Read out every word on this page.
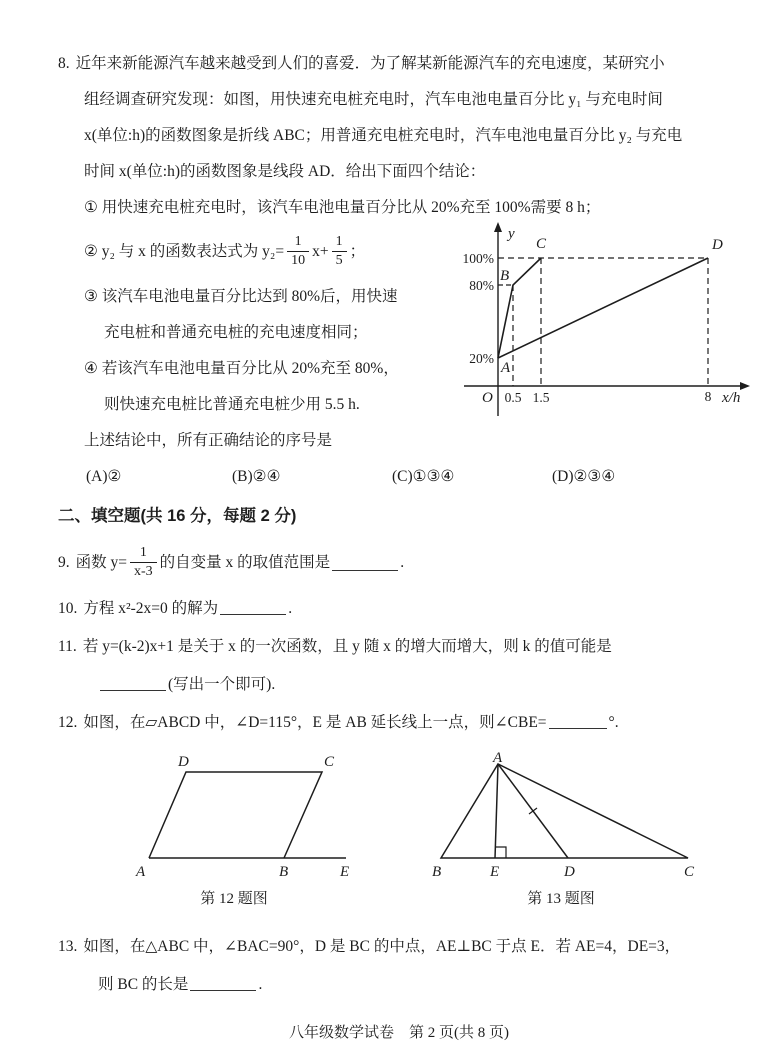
8. 近年来新能源汽车越来越受到人们的喜爱．为了解某新能源汽车的充电速度，某研究小
组经调查研究发现：如图，用快速充电桩充电时，汽车电池电量百分比 y₁ 与充电时间
x(单位:h)的函数图象是折线 ABC；用普通充电桩充电时，汽车电池电量百分比 y₂ 与充电
时间 x(单位:h)的函数图象是线段 AD．给出下面四个结论：
① 用快速充电桩充电时，该汽车电池电量百分比从 20%充至 100%需要 8 h；
② y₂ 与 x 的函数表达式为 $y_2= \frac{1}{10} x+ \frac{1}{5}$ ；
③ 该汽车电池电量百分比达到 80%后，用快速
充电桩和普通充电桩的充电速度相同；
④ 若该汽车电池电量百分比从 20%充至 80%，
则快速充电桩比普通充电桩少用 5.5 h.
100%
80%
20%
0.5 1.5	8
y
x/h
O
A
B
C	D
上述结论中，所有正确结论的序号是
(A)②	(B)②④	(C)①③④	(D)②③④
二、填空题(共 16 分，每题 2 分)
9. 函数 $y= \frac{1}{x-3}$ 的自变量 x 的取值范围是	.
10. 方程 x²-2x=0 的解为	.
11. 若 y=(k-2)x+1 是关于 x 的一次函数，且 y 随 x 的增大而增大，则 k 的值可能是
(写出一个即可).
12. 如图，在▱ABCD 中，∠D=115°，E 是 AB 延长线上一点，则∠CBE=	°.
D	C
A	B	E
第 12 题图
A
B	E	D	C
第 13 题图
13. 如图，在△ABC 中，∠BAC=90°，D 是 BC 的中点，AE⊥BC 于点 E．若 AE=4，DE=3，
则 BC 的长是	.
八年级数学试卷　第 2 页(共 8 页)
